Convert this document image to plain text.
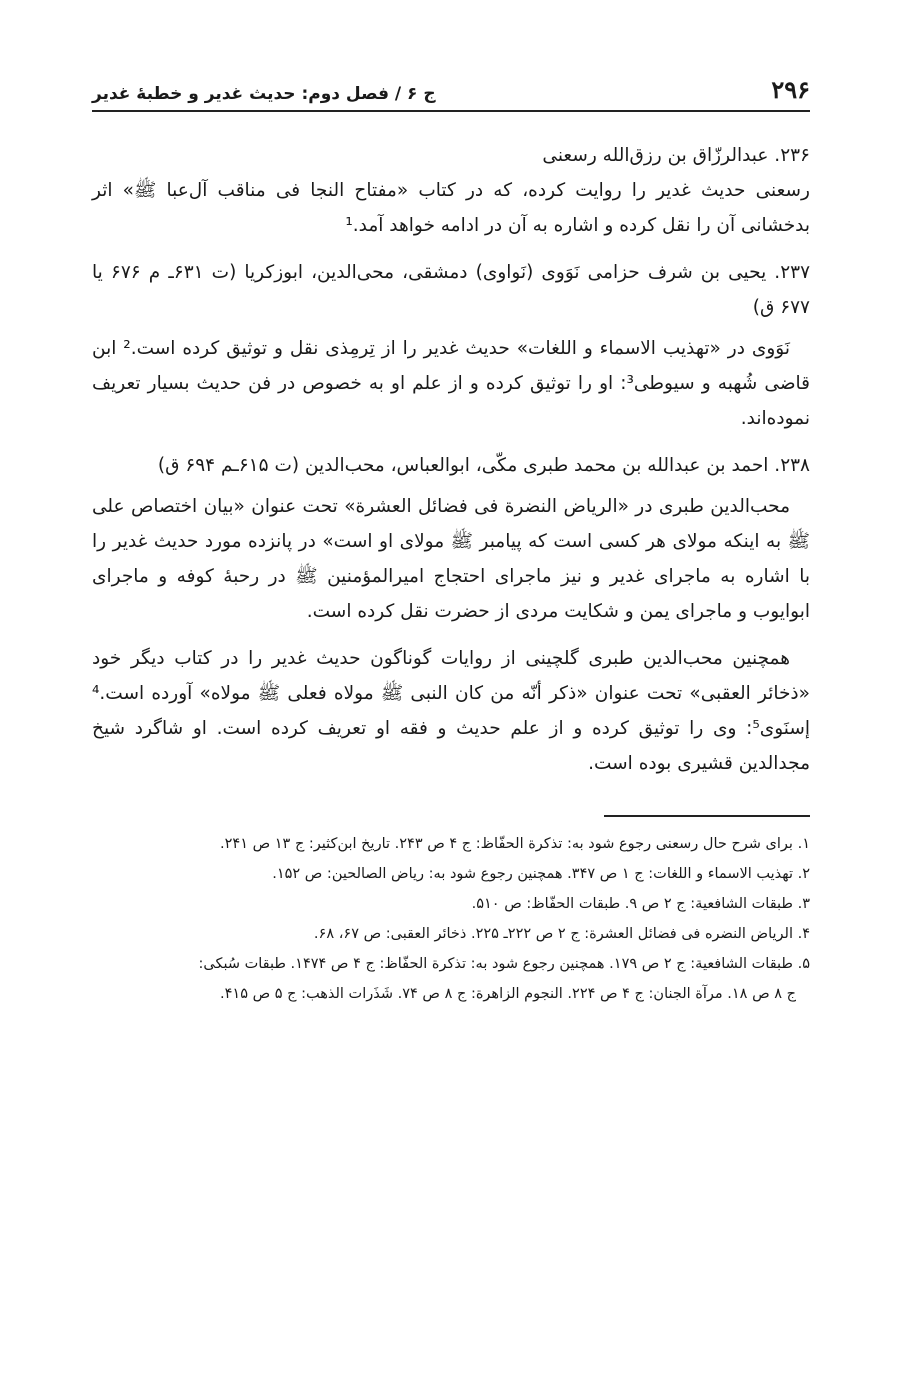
۲۹۶
ج ۶ / فصل دوم: حدیث غدیر و خطبهٔ غدیر

۲۳۶. عبدالرزّاق بن رزق‌الله رسعنی

رسعنی حدیث غدیر را روایت کرده، که در کتاب «مفتاح النجا فی مناقب آل‌عبا ﷺ» اثر بدخشانی آن را نقل کرده و اشاره به آن در ادامه خواهد آمد.¹

۲۳۷. یحیی بن شرف حزامی نَوَوی (نَواوی) دمشقی، محی‌الدین، ابوزکریا (ت ۶۳۱ـ م ۶۷۶ یا ۶۷۷ ق)

نَوَوی در «تهذیب الاسماء و اللغات» حدیث غدیر را از تِرمِذی نقل و توثیق کرده است.² ابن قاضی شُهبه و سیوطی³: او را توثیق کرده و از علم او به خصوص در فن حدیث بسیار تعریف نموده‌اند.

۲۳۸. احمد بن عبدالله بن محمد طبری مکّی، ابوالعباس، محب‌الدین (ت ۶۱۵ـم ۶۹۴ ق)

محب‌الدین طبری در «الریاض النضرة فی فضائل العشرة» تحت عنوان «بیان اختصاص علی ﷺ به اینکه مولای هر کسی است که پیامبر ﷺ مولای او است» در پانزده مورد حدیث غدیر را با اشاره به ماجرای غدیر و نیز ماجرای احتجاج امیرالمؤمنین ﷺ در رحبهٔ کوفه و ماجرای ابوایوب و ماجرای یمن و شکایت مردی از حضرت نقل کرده است.

همچنین محب‌الدین طبری گلچینی از روایات گوناگون حدیث غدیر را در کتاب دیگر خود «ذخائر العقبی» تحت عنوان «ذکر أنّه من کان النبی ﷺ مولاه فعلی ﷺ مولاه» آورده است.⁴ إسنَوی⁵: وی را توثیق کرده و از علم حدیث و فقه او تعریف کرده است. او شاگرد شیخ مجدالدین قشیری بوده است.

۱. برای شرح حال رسعنی رجوع شود به: تذکرة الحفّاظ: ج ۴ ص ۲۴۳. تاریخ ابن‌کثیر: ج ۱۳ ص ۲۴۱.

۲. تهذیب الاسماء و اللغات: ج ۱ ص ۳۴۷. همچنین رجوع شود به: ریاض الصالحین: ص ۱۵۲.

۳. طبقات الشافعیة: ج ۲ ص ۹. طبقات الحفّاظ: ص ۵۱۰.

۴. الریاض النضره فی فضائل العشرة: ج ۲ ص ۲۲۲ـ ۲۲۵. ذخائر العقبی: ص ۶۷، ۶۸.

۵. طبقات الشافعیة: ج ۲ ص ۱۷۹. همچنین رجوع شود به: تذکرة الحفّاظ: ج ۴ ص ۱۴۷۴. طبقات سُبکی:

ج ۸ ص ۱۸. مرآة الجنان: ج ۴ ص ۲۲۴. النجوم الزاهرة: ج ۸ ص ۷۴. شَذَرات الذهب: ج ۵ ص ۴۱۵.
